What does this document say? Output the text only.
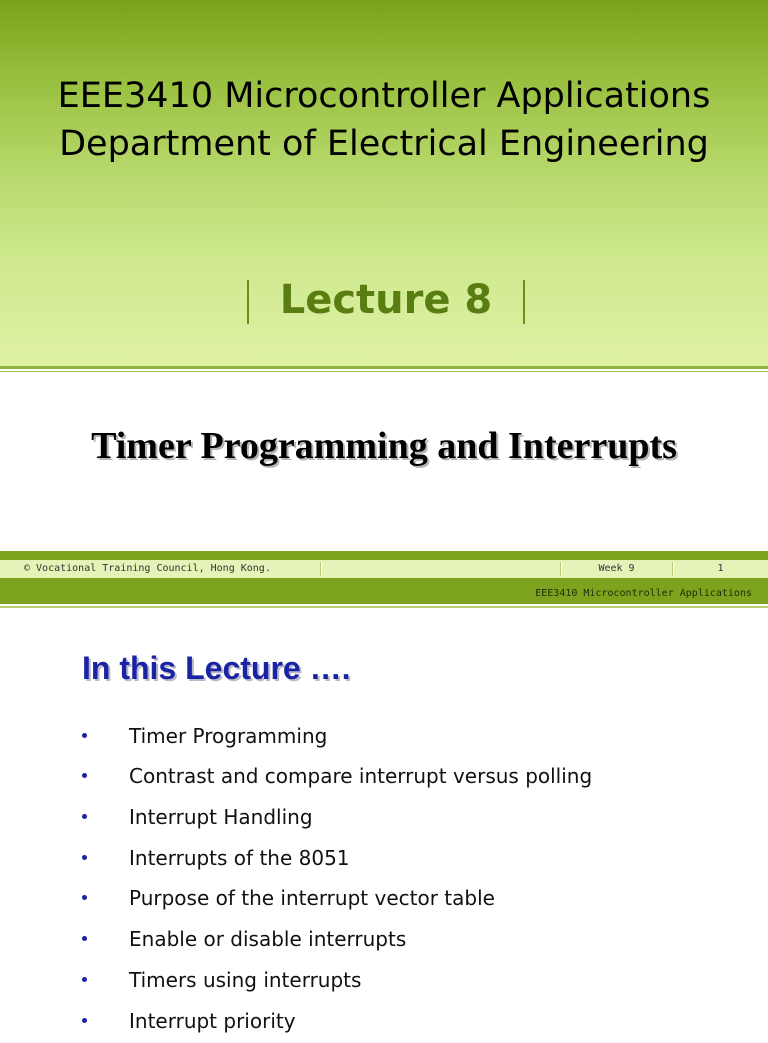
EEE3410 Microcontroller Applications
Department of Electrical Engineering
Lecture 8
Timer Programming and Interrupts
© Vocational Training Council, Hong Kong.	Week 9	1
EEE3410 Microcontroller Applications
In this Lecture ….
Timer Programming
Contrast and compare interrupt versus polling
Interrupt Handling
Interrupts of the 8051
Purpose of the interrupt vector table
Enable or disable interrupts
Timers using interrupts
Interrupt priority
